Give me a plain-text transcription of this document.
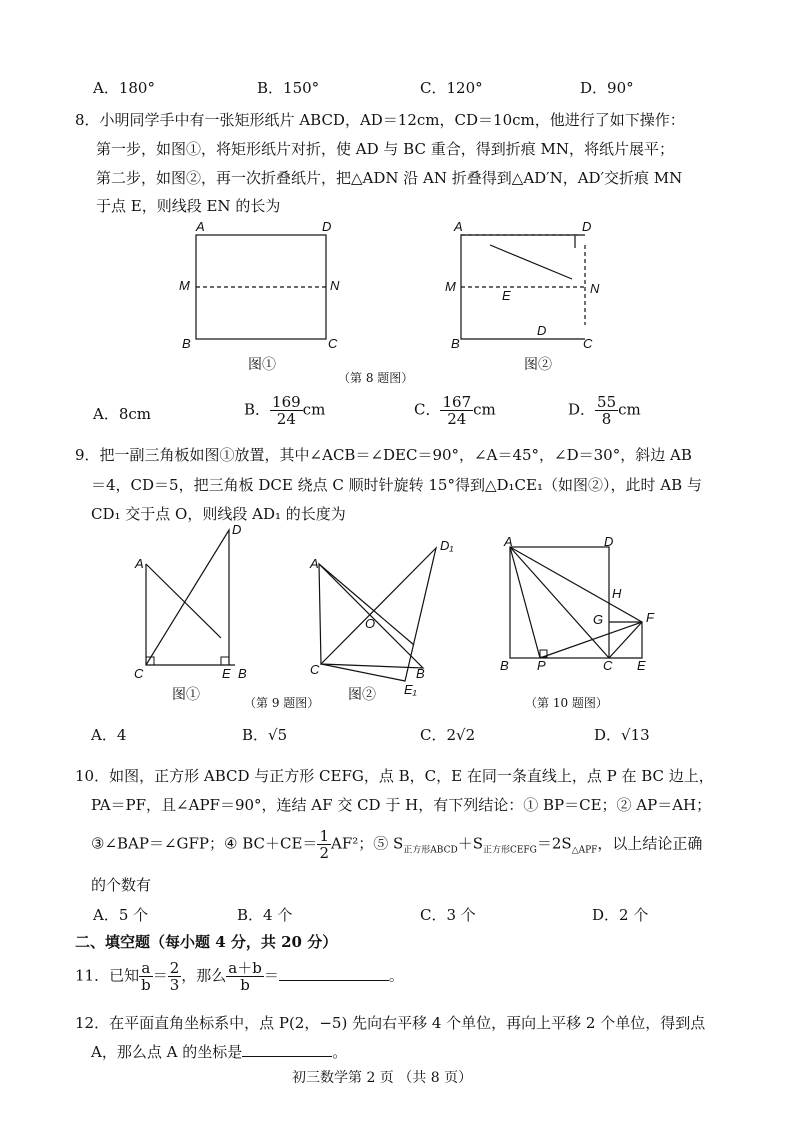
A．180°	B．150°	C．120°	D．90°
8．小明同学手中有一张矩形纸片 ABCD，AD＝12cm，CD＝10cm，他进行了如下操作：
第一步，如图①，将矩形纸片对折，使 AD 与 BC 重合，得到折痕 MN，将纸片展平；
第二步，如图②，再一次折叠纸片，把△ADN 沿 AN 折叠得到△AD′N，AD′交折痕 MN
于点 E，则线段 EN 的长为
A	D
M	N
B	C
图①
（第 8 题图）
A	D
M	N
E
D
B	C
图②
A．8cm	B． $\frac{169}{24}$ cm	C． $\frac{167}{24}$ cm	D． $\frac{55}{8}$ cm
9．把一副三角板如图①放置，其中∠ACB＝∠DEC＝90°，∠A＝45°，∠D＝30°，斜边 AB
＝4，CD＝5，把三角板 DCE 绕点 C 顺时针旋转 15°得到△D₁CE₁（如图②），此时 AB 与
CD₁ 交于点 O，则线段 AD₁ 的长度为
A
D
C	E B
图①	（第 9 题图）
A
D₁
O
C	B
E₁
图②
A	D
H
G	F
B P	C E
（第 10 题图）
A．4	B．√5	C．2√2	D．√13
10．如图，正方形 ABCD 与正方形 CEFG，点 B，C，E 在同一条直线上，点 P 在 BC 边上，
PA＝PF，且∠APF＝90°，连结 AF 交 CD 于 H，有下列结论：① BP＝CE；② AP＝AH；
③∠BAP＝∠GFP；④ $BC+CE= \frac{1}{2} AF^2$；⑤ $S_{正方形ABCD}+S_{正方形CEFG}=2S_{\triangle APF}$，以上结论正确
的个数有
A．5 个	B．4 个	C．3 个	D．2 个
二、填空题（每小题 4 分，共 20 分）
11．已知 $\frac{a}{b} = \frac{2}{3}$ ，那么 $\frac{a+b}{b}$ ＝	。
12．在平面直角坐标系中，点 P(2，−5) 先向右平移 4 个单位，再向上平移 2 个单位，得到点
A，那么点 A 的坐标是	。
初三数学第 2 页 （共 8 页）
